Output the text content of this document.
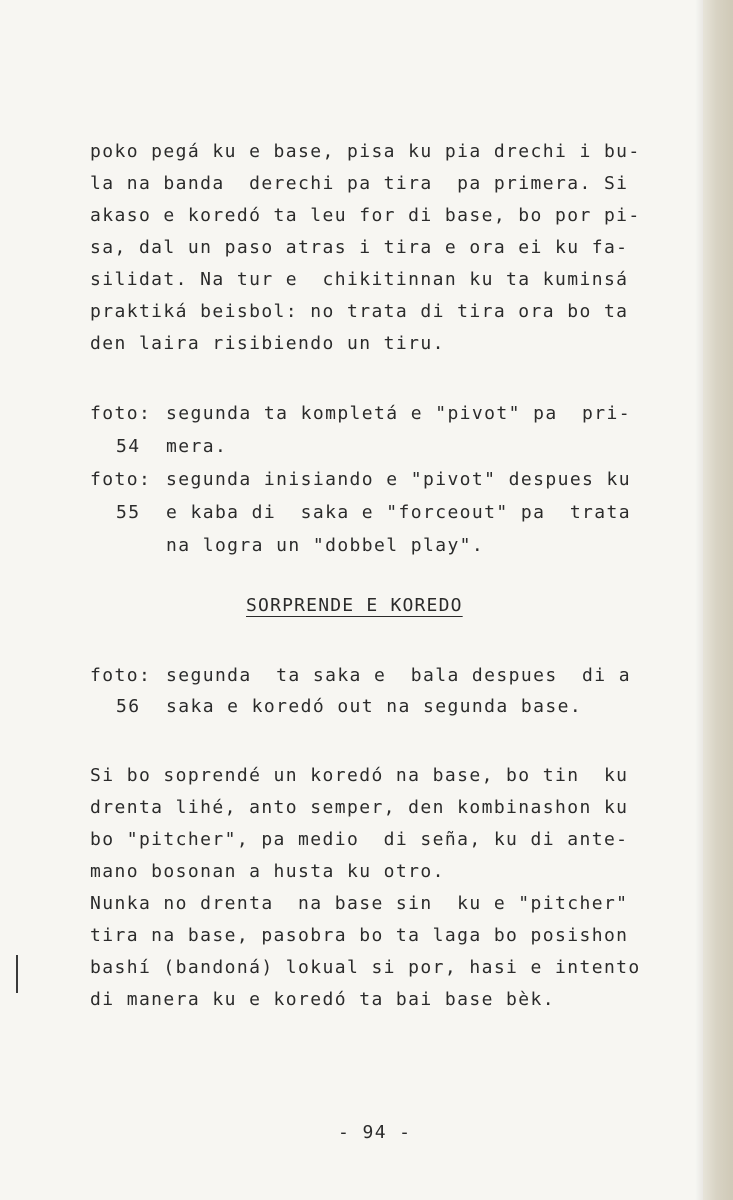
poko pegá ku e base, pisa ku pia drechi i bu-

la na banda  derechi pa tira  pa primera. Si

akaso e koredó ta leu for di base, bo por pi-

sa, dal un paso atras i tira e ora ei ku fa-

silidat. Na tur e  chikitinnan ku ta kuminsá

praktiká beisbol: no trata di tira ora bo ta

den laira risibiendo un tiru.

foto:
54
segunda ta kompletá e "pivot" pa  pri-
mera.
foto:
55
segunda inisiando e "pivot" despues ku
e kaba di  saka e "forceout" pa  trata
na logra un "dobbel play".
SORPRENDE E KOREDO
foto:
56
segunda  ta saka e  bala despues  di a
saka e koredó out na segunda base.

Si bo soprendé un koredó na base, bo tin  ku

drenta lihé, anto semper, den kombinashon ku

bo "pitcher", pa medio  di seña, ku di ante-

mano bosonan a husta ku otro.

Nunka no drenta  na base sin  ku e "pitcher"

tira na base, pasobra bo ta laga bo posishon

bashí (bandoná) lokual si por, hasi e intento

di manera ku e koredó ta bai base bèk.

- 94 -
